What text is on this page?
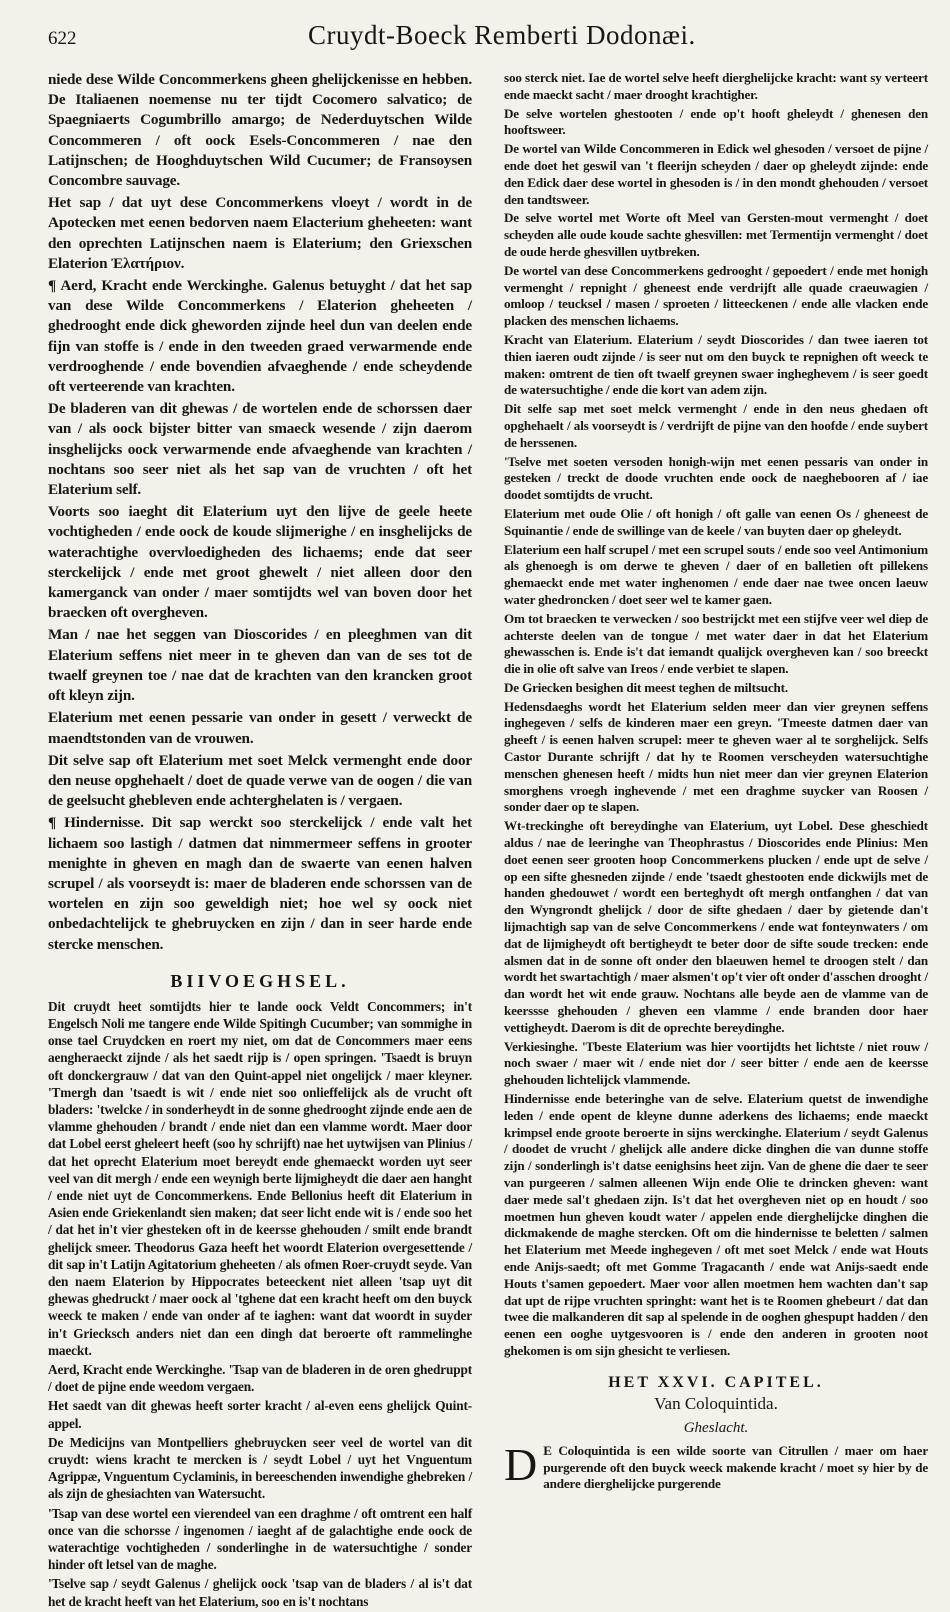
622	Cruydt-Boeck Remberti Dodonæi.

niede dese Wilde Concommerkens gheen ghelijckenisse en hebben. De Italiaenen noemense nu ter tijdt Cocomero salvatico; de Spaegniaerts Cogumbrillo amargo; de Nederduytschen Wilde Concommeren / oft oock Esels-Concommeren / nae den Latijnschen; de Hooghduytschen Wild Cucumer; de Fransoysen Concombre sauvage.

Het sap / dat uyt dese Concommerkens vloeyt / wordt in de Apotecken met eenen bedorven naem Elacterium gheheeten: want den oprechten Latijnschen naem is Elaterium; den Griexschen Elaterion Ἐλατήριον.

¶ Aerd, Kracht ende Werckinghe. Galenus betuyght / dat het sap van dese Wilde Concommerkens / Elaterion gheheeten / ghedrooght ende dick gheworden zijnde heel dun van deelen ende fijn van stoffe is / ende in den tweeden graed verwarmende ende verdrooghende / ende bovendien afvaeghende / ende scheydende oft verteerende van krachten.

De bladeren van dit ghewas / de wortelen ende de schorssen daer van / als oock bijster bitter van smaeck wesende / zijn daerom insghelijcks oock verwarmende ende afvaeghende van krachten / nochtans soo seer niet als het sap van de vruchten / oft het Elaterium self.

Voorts soo iaeght dit Elaterium uyt den lijve de geele heete vochtigheden / ende oock de koude slijmerighe / en insghelijcks de waterachtighe overvloedigheden des lichaems; ende dat seer sterckelijck / ende met groot ghewelt / niet alleen door den kamerganck van onder / maer somtijdts wel van boven door het braecken oft overgheven.

Man / nae het seggen van Dioscorides / en pleeghmen van dit Elaterium seffens niet meer in te gheven dan van de ses tot de twaelf greynen toe / nae dat de krachten van den krancken groot oft kleyn zijn.

Elaterium met eenen pessarie van onder in gesett / verweckt de maendtstonden van de vrouwen.

Dit selve sap oft Elaterium met soet Melck vermenght ende door den neuse opghehaelt / doet de quade verwe van de oogen / die van de geelsucht ghebleven ende achterghelaten is / vergaen.

¶ Hindernisse. Dit sap werckt soo sterckelijck / ende valt het lichaem soo lastigh / datmen dat nimmermeer seffens in grooter menighte in gheven en magh dan de swaerte van eenen halven scrupel / als voorseydt is: maer de bladeren ende schorssen van de wortelen en zijn soo geweldigh niet; hoe wel sy oock niet onbedachtelijck te ghebruycken en zijn / dan in seer harde ende stercke menschen.

BIIVOEGHSEL.

Dit cruydt heet somtijdts hier te lande oock Veldt Concommers; in't Engelsch Noli me tangere ende Wilde Spitingh Cucumber; van sommighe in onse tael Cruydcken en roert my niet, om dat de Concommers maer eens aengheraeckt zijnde / als het saedt rijp is / open springen. 'Tsaedt is bruyn oft donckergrauw / dat van den Quint-appel niet ongelijck / maer kleyner. 'Tmergh dan 'tsaedt is wit / ende niet soo onlieffelijck als de vrucht oft bladers: 'twelcke / in sonderheydt in de sonne ghedrooght zijnde ende aen de vlamme ghehouden / brandt / ende niet dan een vlamme wordt. Maer door dat Lobel eerst gheleert heeft (soo hy schrijft) nae het uytwijsen van Plinius / dat het oprecht Elaterium moet bereydt ende ghemaeckt worden uyt seer veel van dit mergh / ende een weynigh berte lijmigheydt die daer aen hanght / ende niet uyt de Concommerkens. Ende Bellonius heeft dit Elaterium in Asien ende Griekenlandt sien maken; dat seer licht ende wit is / ende soo het / dat het in't vier ghesteken oft in de keersse ghehouden / smilt ende brandt ghelijck smeer. Theodorus Gaza heeft het woordt Elaterion overgesettende / dit sap in't Latijn Agitatorium gheheeten / als ofmen Roer-cruydt seyde. Van den naem Elaterion by Hippocrates beteeckent niet alleen 'tsap uyt dit ghewas ghedruckt / maer oock al 'tghene dat een kracht heeft om den buyck weeck te maken / ende van onder af te iaghen: want dat woordt in suyder in't Griecksch anders niet dan een dingh dat beroerte oft rammelinghe maeckt.

Aerd, Kracht ende Werckinghe. 'Tsap van de bladeren in de oren ghedruppt / doet de pijne ende weedom vergaen.

Het saedt van dit ghewas heeft sorter kracht / al-even eens ghelijck Quint-appel.

De Medicijns van Montpelliers ghebruycken seer veel de wortel van dit cruydt: wiens kracht te mercken is / seydt Lobel / uyt het Vnguentum Agrippæ, Vnguentum Cyclaminis, in bereeschenden inwendighe ghebreken / als zijn de ghesiachten van Watersucht.

'Tsap van dese wortel een vierendeel van een draghme / oft omtrent een half once van die schorsse / ingenomen / iaeght af de galachtighe ende oock de waterachtige vochtigheden / sonderlinghe in de watersuchtighe / sonder hinder oft letsel van de maghe.

'Tselve sap / seydt Galenus / ghelijck oock 'tsap van de bladers / al is't dat het de kracht heeft van het Elaterium, soo en is't nochtans

soo sterck niet. Iae de wortel selve heeft dierghelijcke kracht: want sy verteert ende maeckt sacht / maer drooght krachtigher.

De selve wortelen ghestooten / ende op't hooft gheleydt / ghenesen den hooftsweer.

De wortel van Wilde Concommeren in Edick wel ghesoden / versoet de pijne / ende doet het geswil van 't fleerijn scheyden / daer op gheleydt zijnde: ende den Edick daer dese wortel in ghesoden is / in den mondt ghehouden / versoet den tandtsweer.

De selve wortel met Worte oft Meel van Gersten-mout vermenght / doet scheyden alle oude koude sachte ghesvillen: met Termentijn vermenght / doet de oude herde ghesvillen uytbreken.

De wortel van dese Concommerkens gedrooght / gepoedert / ende met honigh vermenght / repnight / gheneest ende verdrijft alle quade craeuwagien / omloop / teucksel / masen / sproeten / litteeckenen / ende alle vlacken ende placken des menschen lichaems.

Kracht van Elaterium. Elaterium / seydt Dioscorides / dan twee iaeren tot thien iaeren oudt zijnde / is seer nut om den buyck te repnighen oft weeck te maken: omtrent de tien oft twaelf greynen swaer ingheghevem / is seer goedt de watersuchtighe / ende die kort van adem zijn.

Dit selfe sap met soet melck vermenght / ende in den neus ghedaen oft opghehaelt / als voorseydt is / verdrijft de pijne van den hoofde / ende suybert de herssenen.

'Tselve met soeten versoden honigh-wijn met eenen pessaris van onder in gesteken / treckt de doode vruchten ende oock de naeghebooren af / iae doodet somtijdts de vrucht.

Elaterium met oude Olie / oft honigh / oft galle van eenen Os / gheneest de Squinantie / ende de swillinge van de keele / van buyten daer op gheleydt.

Elaterium een half scrupel / met een scrupel souts / ende soo veel Antimonium als ghenoegh is om derwe te gheven / daer of en balletien oft pillekens ghemaeckt ende met water inghenomen / ende daer nae twee oncen laeuw water ghedroncken / doet seer wel te kamer gaen.

Om tot braecken te verwecken / soo bestrijckt met een stijfve veer wel diep de achterste deelen van de tongue / met water daer in dat het Elaterium ghewasschen is. Ende is't dat iemandt qualijck overgheven kan / soo breeckt die in olie oft salve van Ireos / ende verbiet te slapen.

De Griecken besighen dit meest teghen de miltsucht.

Hedensdaeghs wordt het Elaterium selden meer dan vier greynen seffens inghegeven / selfs de kinderen maer een greyn. 'Tmeeste datmen daer van gheeft / is eenen halven scrupel: meer te gheven waer al te sorghelijck. Selfs Castor Durante schrijft / dat hy te Roomen verscheyden watersuchtighe menschen ghenesen heeft / midts hun niet meer dan vier greynen Elaterion smorghens vroegh inghevende / met een draghme suycker van Roosen / sonder daer op te slapen.

Wt-treckinghe oft bereydinghe van Elaterium, uyt Lobel. Dese gheschiedt aldus / nae de leeringhe van Theophrastus / Dioscorides ende Plinius: Men doet eenen seer grooten hoop Concommerkens plucken / ende upt de selve / op een sifte ghesneden zijnde / ende 'tsaedt ghestooten ende dickwijls met de handen ghedouwet / wordt een berteghydt oft mergh ontfanghen / dat van den Wyngrondt ghelijck / door de sifte ghedaen / daer by gietende dan't lijmachtigh sap van de selve Concommerkens / ende wat fonteynwaters / om dat de lijmigheydt oft bertigheydt te beter door de sifte soude trecken: ende alsmen dat in de sonne oft onder den blaeuwen hemel te droogen stelt / dan wordt het swartachtigh / maer alsmen't op't vier oft onder d'asschen drooght / dan wordt het wit ende grauw. Nochtans alle beyde aen de vlamme van de keerssse ghehouden / gheven een vlamme / ende branden door haer vettigheydt. Daerom is dit de oprechte bereydinghe.

Verkiesinghe. 'Tbeste Elaterium was hier voortijdts het lichtste / niet rouw / noch swaer / maer wit / ende niet dor / seer bitter / ende aen de keersse ghehouden lichtelijck vlammende.

Hindernisse ende beteringhe van de selve. Elaterium quetst de inwendighe leden / ende opent de kleyne dunne aderkens des lichaems; ende maeckt krimpsel ende groote beroerte in sijns werckinghe. Elaterium / seydt Galenus / doodet de vrucht / ghelijck alle andere dicke dinghen die van dunne stoffe zijn / sonderlingh is't datse eenighsins heet zijn. Van de ghene die daer te seer van purgeeren / salmen alleenen Wijn ende Olie te drincken gheven: want daer mede sal't ghedaen zijn. Is't dat het overgheven niet op en houdt / soo moetmen hun gheven koudt water / appelen ende dierghelijcke dinghen die dickmakende de maghe stercken. Oft om die hindernisse te beletten / salmen het Elaterium met Meede inghegeven / oft met soet Melck / ende wat Houts ende Anijs-saedt; oft met Gomme Tragacanth / ende wat Anijs-saedt ende Houts t'samen gepoedert. Maer voor allen moetmen hem wachten dan't sap dat upt de rijpe vruchten springht: want het is te Roomen ghebeurt / dat dan twee die malkanderen dit sap al spelende in de ooghen ghespupt hadden / den eenen een ooghe uytgesvooren is / ende den anderen in grooten noot ghekomen is om sijn ghesicht te verliesen.

HET XXVI. CAPITEL.
Van Coloquintida.
Gheslacht.
D E Coloquintida is een wilde soorte van Citrullen / maer om haer purgerende oft den buyck weeck makende kracht / moet sy hier by de andere dierghelijcke purgerende
